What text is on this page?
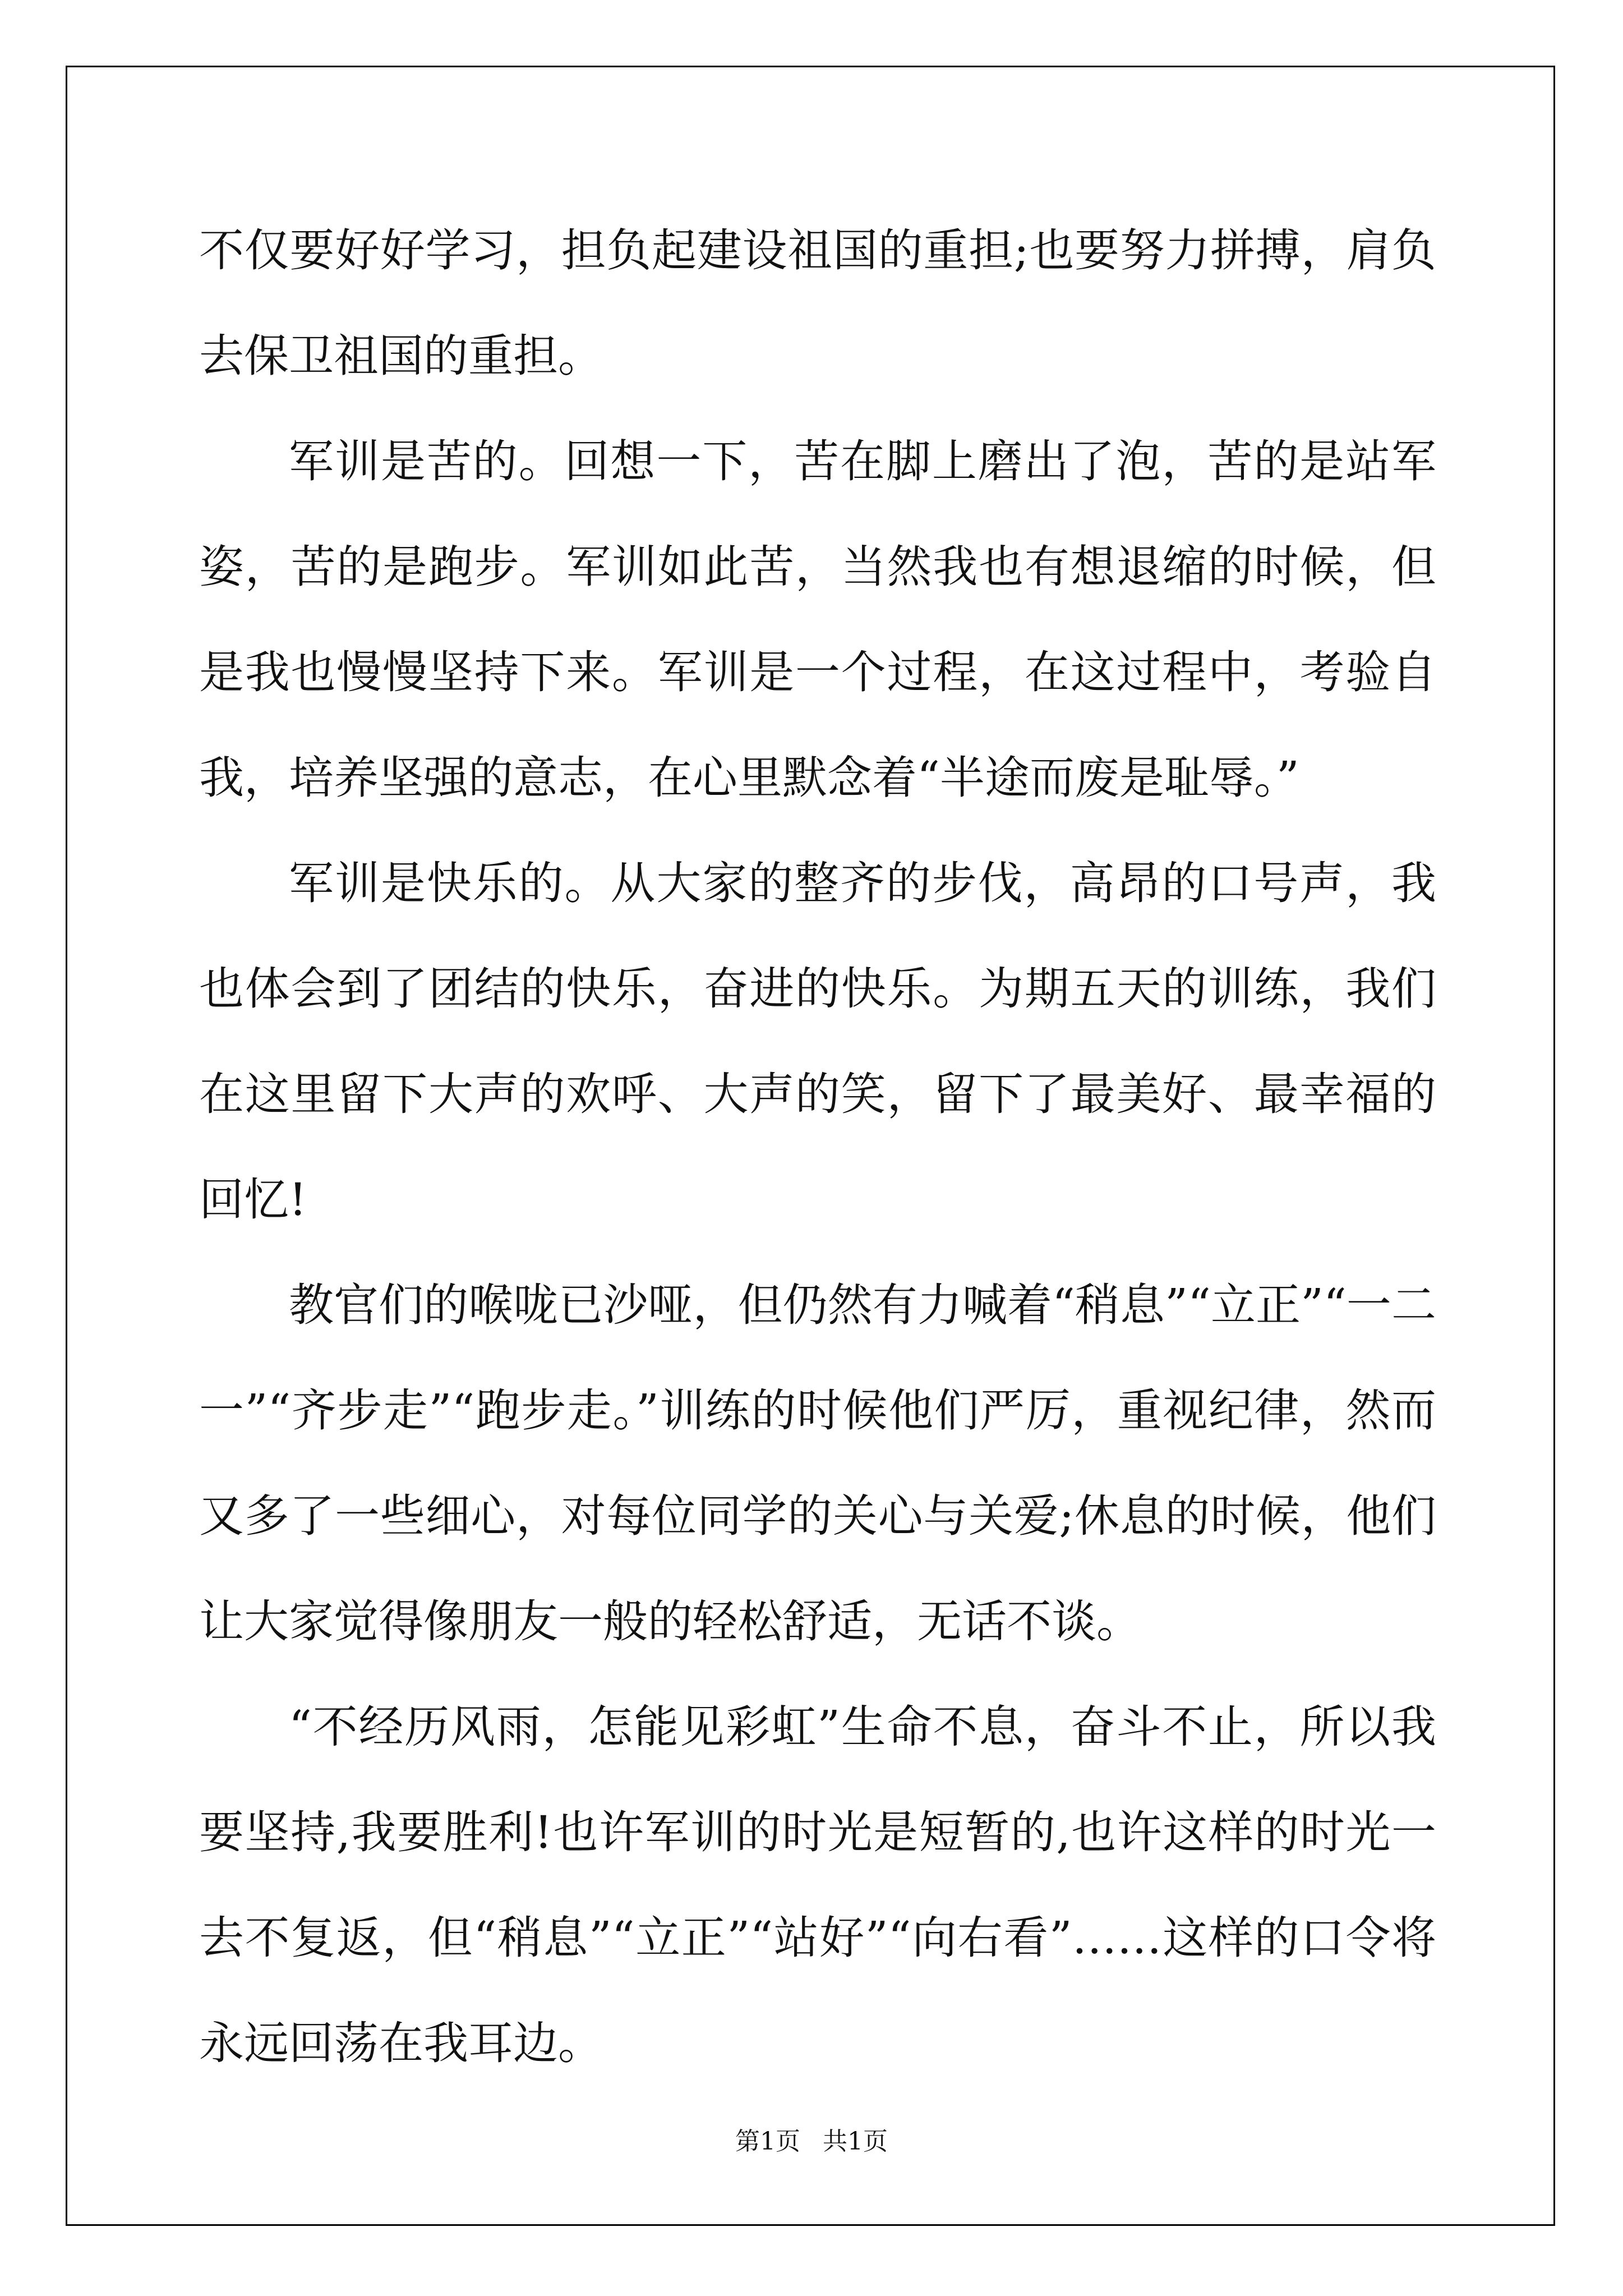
不仅要好好学习，担负起建设祖国的重担;也要努力拼搏，肩负去保卫祖国的重担。

军训是苦的。回想一下，苦在脚上磨出了泡，苦的是站军姿，苦的是跑步。军训如此苦，当然我也有想退缩的时候，但是我也慢慢坚持下来。军训是一个过程，在这过程中，考验自我，培养坚强的意志，在心里默念着“半途而废是耻辱。”

军训是快乐的。从大家的整齐的步伐，高昂的口号声，我也体会到了团结的快乐，奋进的快乐。为期五天的训练，我们在这里留下大声的欢呼、大声的笑，留下了最美好、最幸福的回忆!

教官们的喉咙已沙哑，但仍然有力喊着“稍息”“立正”“一二一”“齐步走”“跑步走。”训练的时候他们严厉，重视纪律，然而又多了一些细心，对每位同学的关心与关爱;休息的时候，他们让大家觉得像朋友一般的轻松舒适，无话不谈。

“不经历风雨，怎能见彩虹”生命不息，奋斗不止，所以我要坚持,我要胜利!也许军训的时光是短暂的,也许这样的时光一去不复返，但“稍息”“立正”“站好”“向右看”……这样的口令将永远回荡在我耳边。

第1页 共1页
